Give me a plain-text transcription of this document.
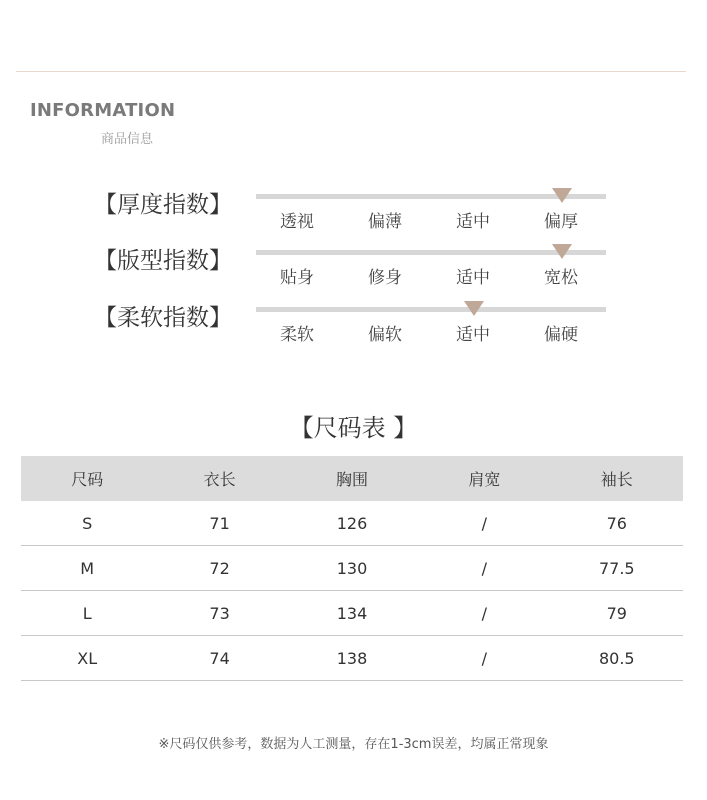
INFORMATION
商品信息
【厚度指数】
透视	偏薄	适中	偏厚
【版型指数】
贴身	修身	适中	宽松
【柔软指数】
柔软	偏软	适中	偏硬
【尺码表 】
尺码	衣长	胸围	肩宽	袖长
S	71	126	/	76
M	72	130	/	77.5
L	73	134	/	79
XL	74	138	/	80.5
※尺码仅供参考，数据为人工测量，存在1-3cm误差，均属正常现象
